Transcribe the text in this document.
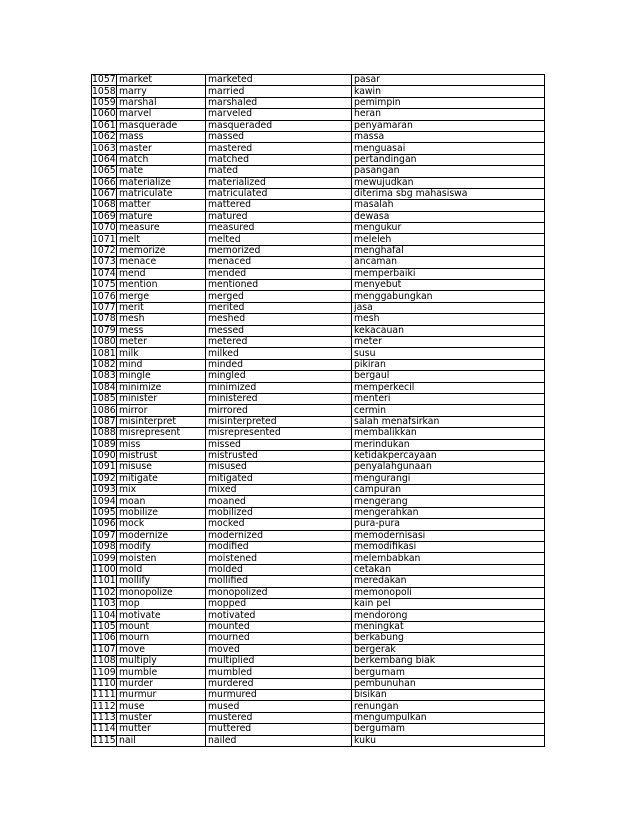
1057	market	marketed	pasar
1058	marry	married	kawin
1059	marshal	marshaled	pemimpin
1060	marvel	marveled	heran
1061	masquerade	masqueraded	penyamaran
1062	mass	massed	massa
1063	master	mastered	menguasai
1064	match	matched	pertandingan
1065	mate	mated	pasangan
1066	materialize	materialized	mewujudkan
1067	matriculate	matriculated	diterima sbg mahasiswa
1068	matter	mattered	masalah
1069	mature	matured	dewasa
1070	measure	measured	mengukur
1071	melt	melted	meleleh
1072	memorize	memorized	menghafal
1073	menace	menaced	ancaman
1074	mend	mended	memperbaiki
1075	mention	mentioned	menyebut
1076	merge	merged	menggabungkan
1077	merit	merited	jasa
1078	mesh	meshed	mesh
1079	mess	messed	kekacauan
1080	meter	metered	meter
1081	milk	milked	susu
1082	mind	minded	pikiran
1083	mingle	mingled	bergaul
1084	minimize	minimized	memperkecil
1085	minister	ministered	menteri
1086	mirror	mirrored	cermin
1087	misinterpret	misinterpreted	salah menafsirkan
1088	misrepresent	misrepresented	membalikkan
1089	miss	missed	merindukan
1090	mistrust	mistrusted	ketidakpercayaan
1091	misuse	misused	penyalahgunaan
1092	mitigate	mitigated	mengurangi
1093	mix	mixed	campuran
1094	moan	moaned	mengerang
1095	mobilize	mobilized	mengerahkan
1096	mock	mocked	pura-pura
1097	modernize	modernized	memodernisasi
1098	modify	modified	memodifikasi
1099	moisten	moistened	melembabkan
1100	mold	molded	cetakan
1101	mollify	mollified	meredakan
1102	monopolize	monopolized	memonopoli
1103	mop	mopped	kain pel
1104	motivate	motivated	mendorong
1105	mount	mounted	meningkat
1106	mourn	mourned	berkabung
1107	move	moved	bergerak
1108	multiply	multiplied	berkembang biak
1109	mumble	mumbled	bergumam
1110	murder	murdered	pembunuhan
1111	murmur	murmured	bisikan
1112	muse	mused	renungan
1113	muster	mustered	mengumpulkan
1114	mutter	muttered	bergumam
1115	nail	nailed	kuku
